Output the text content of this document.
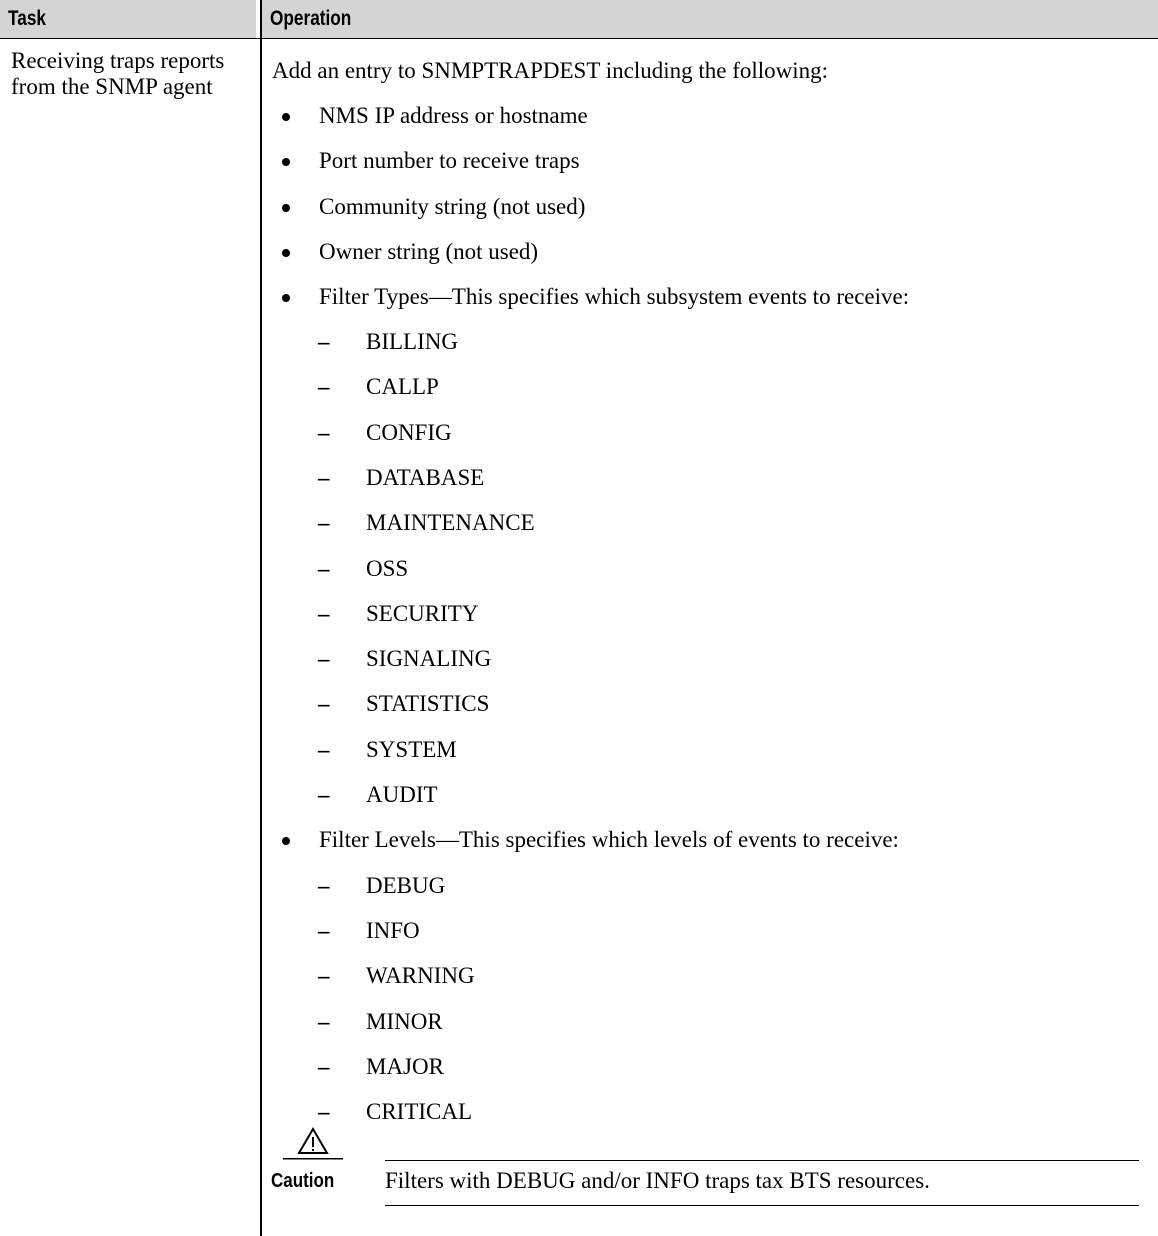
Task	Operation
Receiving traps reports from the SNMP agent
Add an entry to SNMPTRAPDEST including the following:
NMS IP address or hostname
Port number to receive traps
Community string (not used)
Owner string (not used)
Filter Types—This specifies which subsystem events to receive:
– BILLING
– CALLP
– CONFIG
– DATABASE
– MAINTENANCE
– OSS
– SECURITY
– SIGNALING
– STATISTICS
– SYSTEM
– AUDIT
Filter Levels—This specifies which levels of events to receive:
– DEBUG
– INFO
– WARNING
– MINOR
– MAJOR
– CRITICAL
Caution Filters with DEBUG and/or INFO traps tax BTS resources.
